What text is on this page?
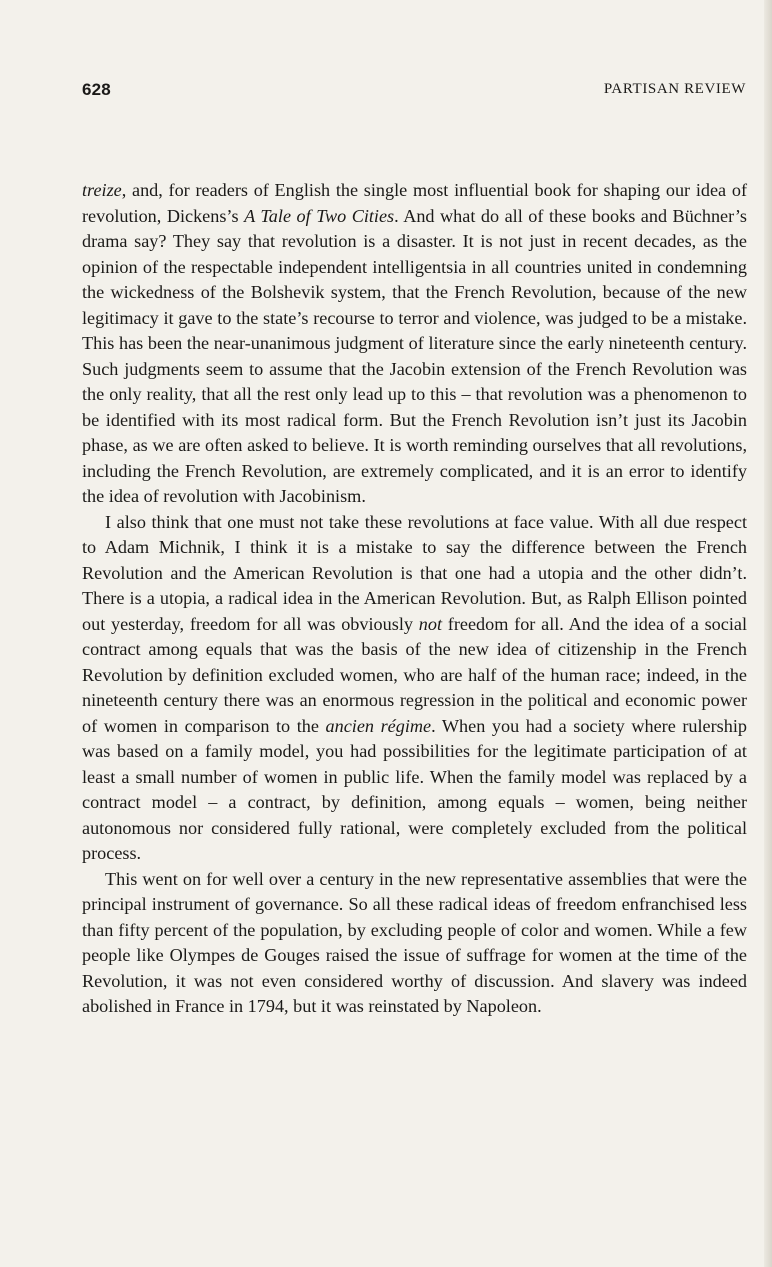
628	PARTISAN REVIEW

treize, and, for readers of English the single most influential book for shaping our idea of revolution, Dickens’s A Tale of Two Cities. And what do all of these books and Büchner’s drama say? They say that revolution is a disaster. It is not just in recent decades, as the opinion of the respectable independent intelligentsia in all countries united in condemning the wickedness of the Bolshevik system, that the French Revolution, because of the new legitimacy it gave to the state’s recourse to terror and violence, was judged to be a mistake. This has been the near-unanimous judgment of literature since the early nineteenth century. Such judgments seem to assume that the Jacobin extension of the French Revolution was the only reality, that all the rest only lead up to this – that revolution was a phenomenon to be identified with its most radical form. But the French Revolution isn’t just its Jacobin phase, as we are often asked to believe. It is worth reminding ourselves that all revolutions, including the French Revolution, are extremely complicated, and it is an error to identify the idea of revolution with Jacobinism.

I also think that one must not take these revolutions at face value. With all due respect to Adam Michnik, I think it is a mistake to say the difference between the French Revolution and the American Revolution is that one had a utopia and the other didn’t. There is a utopia, a radical idea in the American Revolution. But, as Ralph Ellison pointed out yesterday, freedom for all was obviously not freedom for all. And the idea of a social contract among equals that was the basis of the new idea of citizenship in the French Revolution by definition excluded women, who are half of the human race; indeed, in the nineteenth century there was an enormous regression in the political and economic power of women in comparison to the ancien régime. When you had a society where rulership was based on a family model, you had possibilities for the legitimate participation of at least a small number of women in public life. When the family model was replaced by a contract model – a contract, by definition, among equals – women, being neither autonomous nor considered fully rational, were completely excluded from the political process.

This went on for well over a century in the new representative assemblies that were the principal instrument of governance. So all these radical ideas of freedom enfranchised less than fifty percent of the population, by excluding people of color and women. While a few people like Olympes de Gouges raised the issue of suffrage for women at the time of the Revolution, it was not even considered worthy of discussion. And slavery was indeed abolished in France in 1794, but it was reinstated by Napoleon.
